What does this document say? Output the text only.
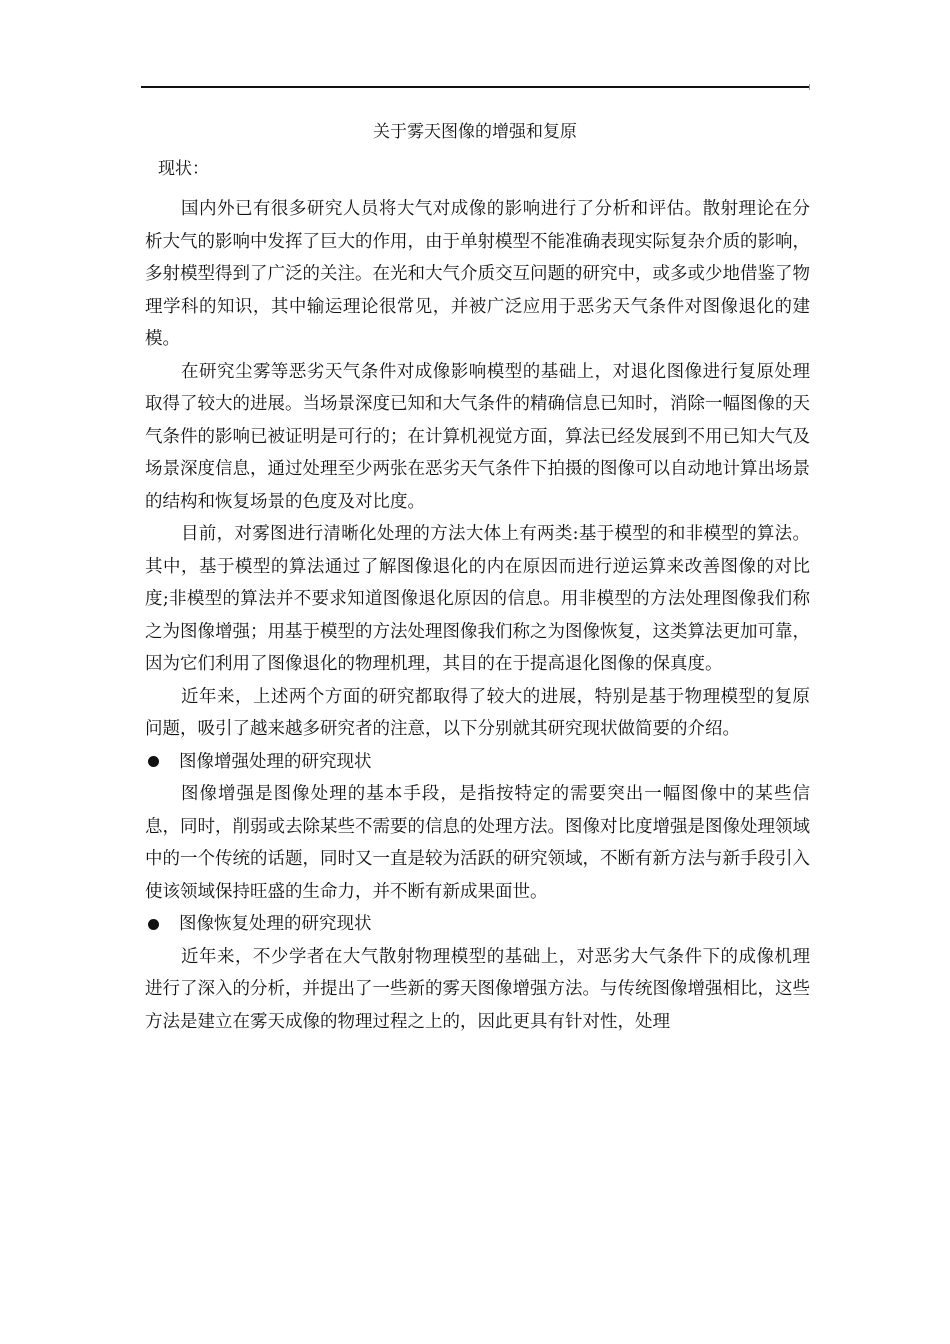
关于雾天图像的增强和复原
现状：

国内外已有很多研究人员将大气对成像的影响进行了分析和评估。散射理论在分析大气的影响中发挥了巨大的作用，由于单射模型不能准确表现实际复杂介质的影响，多射模型得到了广泛的关注。在光和大气介质交互问题的研究中，或多或少地借鉴了物理学科的知识，其中输运理论很常见，并被广泛应用于恶劣天气条件对图像退化的建模。

在研究尘雾等恶劣天气条件对成像影响模型的基础上，对退化图像进行复原处理取得了较大的进展。当场景深度已知和大气条件的精确信息已知时，消除一幅图像的天气条件的影响已被证明是可行的；在计算机视觉方面，算法已经发展到不用已知大气及场景深度信息，通过处理至少两张在恶劣天气条件下拍摄的图像可以自动地计算出场景的结构和恢复场景的色度及对比度。

目前，对雾图进行清晰化处理的方法大体上有两类:基于模型的和非模型的算法。其中，基于模型的算法通过了解图像退化的内在原因而进行逆运算来改善图像的对比度;非模型的算法并不要求知道图像退化原因的信息。用非模型的方法处理图像我们称之为图像增强；用基于模型的方法处理图像我们称之为图像恢复，这类算法更加可靠，因为它们利用了图像退化的物理机理，其目的在于提高退化图像的保真度。

近年来，上述两个方面的研究都取得了较大的进展，特别是基于物理模型的复原问题，吸引了越来越多研究者的注意，以下分别就其研究现状做简要的介绍。

图像增强处理的研究现状

图像增强是图像处理的基本手段，是指按特定的需要突出一幅图像中的某些信息，同时，削弱或去除某些不需要的信息的处理方法。图像对比度增强是图像处理领域中的一个传统的话题，同时又一直是较为活跃的研究领域，不断有新方法与新手段引入使该领域保持旺盛的生命力，并不断有新成果面世。

图像恢复处理的研究现状

近年来，不少学者在大气散射物理模型的基础上，对恶劣大气条件下的成像机理进行了深入的分析，并提出了一些新的雾天图像增强方法。与传统图像增强相比，这些方法是建立在雾天成像的物理过程之上的，因此更具有针对性，处理
